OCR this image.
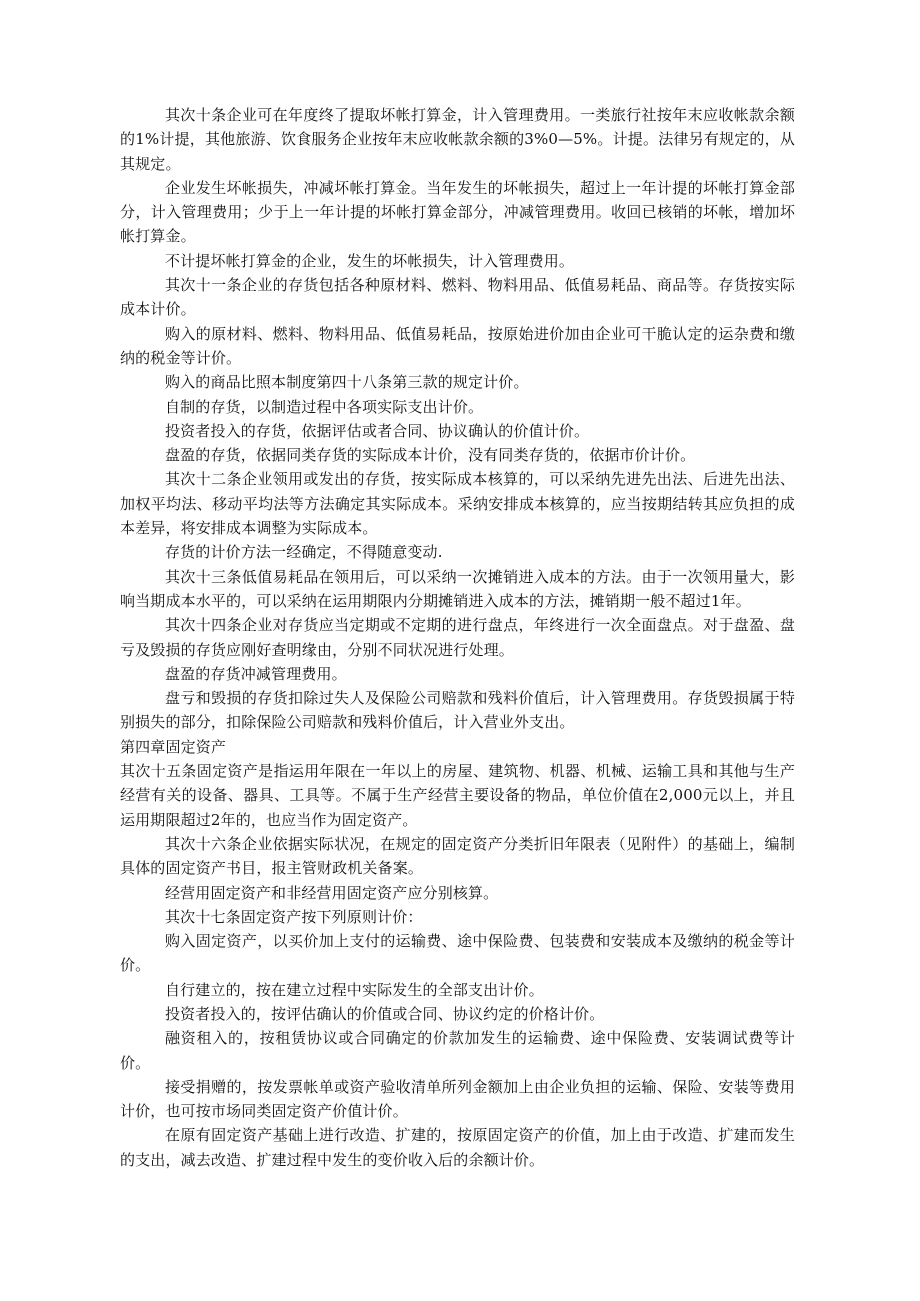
其次十条企业可在年度终了提取坏帐打算金，计入管理费用。一类旅行社按年末应收帐款余额的1%计提，其他旅游、饮食服务企业按年末应收帐款余额的3%0—5%。计提。法律另有规定的，从其规定。

企业发生坏帐损失，冲减坏帐打算金。当年发生的坏帐损失，超过上一年计提的坏帐打算金部分，计入管理费用；少于上一年计提的坏帐打算金部分，冲减管理费用。收回已核销的坏帐，增加坏帐打算金。

不计提坏帐打算金的企业，发生的坏帐损失，计入管理费用。

其次十一条企业的存货包括各种原材料、燃料、物料用品、低值易耗品、商品等。存货按实际成本计价。

购入的原材料、燃料、物料用品、低值易耗品，按原始进价加由企业可干脆认定的运杂费和缴纳的税金等计价。

购入的商品比照本制度第四十八条第三款的规定计价。

自制的存货，以制造过程中各项实际支出计价。

投资者投入的存货，依据评估或者合同、协议确认的价值计价。

盘盈的存货，依据同类存货的实际成本计价，没有同类存货的，依据市价计价。

其次十二条企业领用或发出的存货，按实际成本核算的，可以采纳先进先出法、后进先出法、加权平均法、移动平均法等方法确定其实际成本。采纳安排成本核算的，应当按期结转其应负担的成本差异，将安排成本调整为实际成本。

存货的计价方法一经确定，不得随意变动.

其次十三条低值易耗品在领用后，可以采纳一次摊销进入成本的方法。由于一次领用量大，影响当期成本水平的，可以采纳在运用期限内分期摊销进入成本的方法，摊销期一般不超过1年。

其次十四条企业对存货应当定期或不定期的进行盘点，年终进行一次全面盘点。对于盘盈、盘亏及毁损的存货应刚好查明缘由，分别不同状况进行处理。

盘盈的存货冲减管理费用。

盘亏和毁损的存货扣除过失人及保险公司赔款和残料价值后，计入管理费用。存货毁损属于特别损失的部分，扣除保险公司赔款和残料价值后，计入营业外支出。

第四章固定资产

其次十五条固定资产是指运用年限在一年以上的房屋、建筑物、机器、机械、运输工具和其他与生产经营有关的设备、器具、工具等。不属于生产经营主要设备的物品，单位价值在2,000元以上，并且运用期限超过2年的，也应当作为固定资产。

其次十六条企业依据实际状况，在规定的固定资产分类折旧年限表（见附件）的基础上，编制具体的固定资产书目，报主管财政机关备案。

经营用固定资产和非经营用固定资产应分别核算。

其次十七条固定资产按下列原则计价：

购入固定资产，以买价加上支付的运输费、途中保险费、包装费和安装成本及缴纳的税金等计价。

自行建立的，按在建立过程中实际发生的全部支出计价。

投资者投入的，按评估确认的价值或合同、协议约定的价格计价。

融资租入的，按租赁协议或合同确定的价款加发生的运输费、途中保险费、安装调试费等计价。

接受捐赠的，按发票帐单或资产验收清单所列金额加上由企业负担的运输、保险、安装等费用计价，也可按市场同类固定资产价值计价。

在原有固定资产基础上进行改造、扩建的，按原固定资产的价值，加上由于改造、扩建而发生的支出，减去改造、扩建过程中发生的变价收入后的余额计价。
